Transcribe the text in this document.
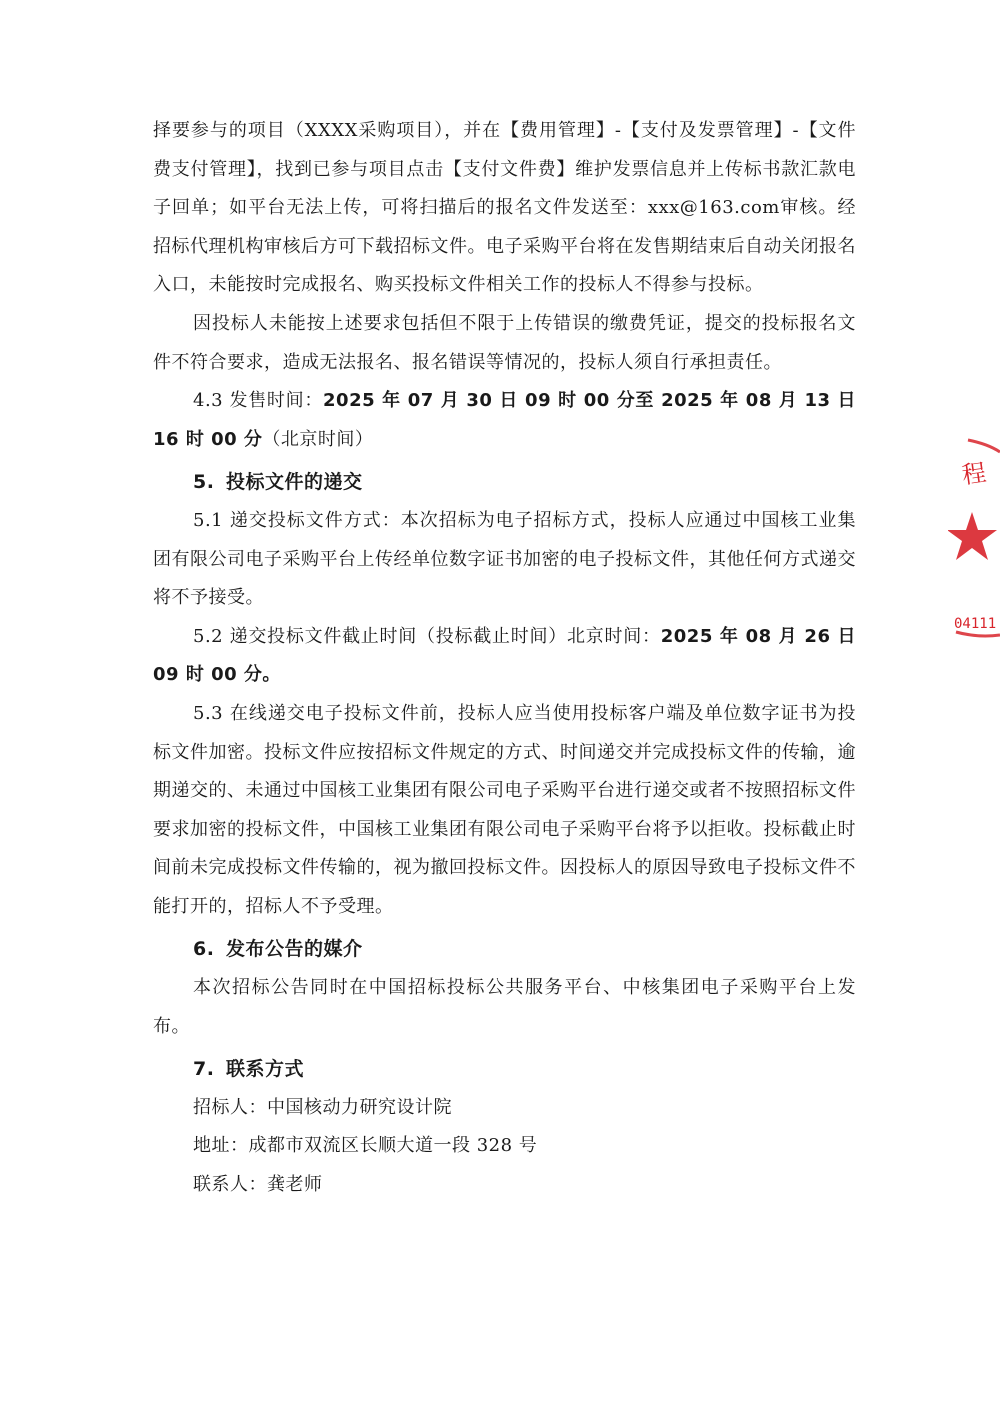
择要参与的项目（XXXX采购项目），并在【费用管理】-【支付及发票管理】-【文件费支付管理】，找到已参与项目点击【支付文件费】维护发票信息并上传标书款汇款电子回单；如平台无法上传，可将扫描后的报名文件发送至：xxx@163.com审核。经招标代理机构审核后方可下载招标文件。电子采购平台将在发售期结束后自动关闭报名入口，未能按时完成报名、购买投标文件相关工作的投标人不得参与投标。

因投标人未能按上述要求包括但不限于上传错误的缴费凭证，提交的投标报名文件不符合要求，造成无法报名、报名错误等情况的，投标人须自行承担责任。

4.3 发售时间：2025 年 07 月 30 日 09 时 00 分至 2025 年 08 月 13 日 16 时 00 分（北京时间）

5. 投标文件的递交

5.1 递交投标文件方式：本次招标为电子招标方式，投标人应通过中国核工业集团有限公司电子采购平台上传经单位数字证书加密的电子投标文件，其他任何方式递交将不予接受。

5.2 递交投标文件截止时间（投标截止时间）北京时间：2025 年 08 月 26 日 09 时 00 分。

5.3 在线递交电子投标文件前，投标人应当使用投标客户端及单位数字证书为投标文件加密。投标文件应按招标文件规定的方式、时间递交并完成投标文件的传输，逾期递交的、未通过中国核工业集团有限公司电子采购平台进行递交或者不按照招标文件要求加密的投标文件，中国核工业集团有限公司电子采购平台将予以拒收。投标截止时间前未完成投标文件传输的，视为撤回投标文件。因投标人的原因导致电子投标文件不能打开的，招标人不予受理。

6. 发布公告的媒介

本次招标公告同时在中国招标投标公共服务平台、中核集团电子采购平台上发布。

7. 联系方式

招标人：中国核动力研究设计院

地址：成都市双流区长顺大道一段 328 号

联系人：龚老师

程
04111
